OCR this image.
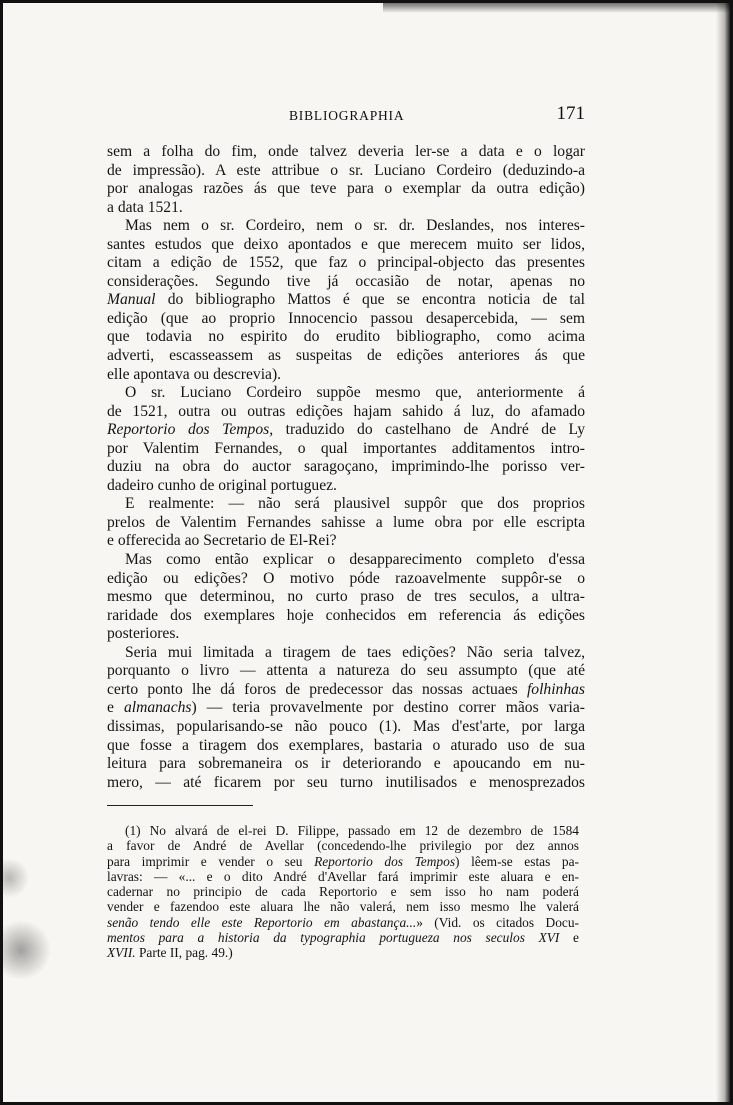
BIBLIOGRAPHIA	171
sem a folha do fim, onde talvez deveria ler-se a data e o logar
de impressão). A este attribue o sr. Luciano Cordeiro (deduzindo-a
por analogas razões ás que teve para o exemplar da outra edição)
a data 1521.
Mas nem o sr. Cordeiro, nem o sr. dr. Deslandes, nos interes-
santes estudos que deixo apontados e que merecem muito ser lidos,
citam a edição de 1552, que faz o principal-objecto das presentes
considerações. Segundo tive já occasião de notar, apenas no
Manual do bibliographo Mattos é que se encontra noticia de tal
edição (que ao proprio Innocencio passou desapercebida, — sem
que todavia no espirito do erudito bibliographo, como acima
adverti, escasseassem as suspeitas de edições anteriores ás que
elle apontava ou descrevia).
O sr. Luciano Cordeiro suppõe mesmo que, anteriormente á
de 1521, outra ou outras edições hajam sahido á luz, do afamado
Reportorio dos Tempos, traduzido do castelhano de André de Ly
por Valentim Fernandes, o qual importantes additamentos intro-
duziu na obra do auctor saragoçano, imprimindo-lhe porisso ver-
dadeiro cunho de original portuguez.
E realmente: — não será plausivel suppôr que dos proprios
prelos de Valentim Fernandes sahisse a lume obra por elle escripta
e offerecida ao Secretario de El-Rei?
Mas como então explicar o desapparecimento completo d'essa
edição ou edições? O motivo póde razoavelmente suppôr-se o
mesmo que determinou, no curto praso de tres seculos, a ultra-
raridade dos exemplares hoje conhecidos em referencia ás edições
posteriores.
Seria mui limitada a tiragem de taes edições? Não seria talvez,
porquanto o livro — attenta a natureza do seu assumpto (que até
certo ponto lhe dá foros de predecessor das nossas actuaes folhinhas
e almanachs) — teria provavelmente por destino correr mãos varia-
dissimas, popularisando-se não pouco (1). Mas d'est'arte, por larga
que fosse a tiragem dos exemplares, bastaria o aturado uso de sua
leitura para sobremaneira os ir deteriorando e apoucando em nu-
mero, — até ficarem por seu turno inutilisados e menosprezados
(1) No alvará de el-rei D. Filippe, passado em 12 de dezembro de 1584
a favor de André de Avellar (concedendo-lhe privilegio por dez annos
para imprimir e vender o seu Reportorio dos Tempos) lêem-se estas pa-
lavras: — «... e o dito André d'Avellar fará imprimir este aluara e en-
cadernar no principio de cada Reportorio e sem isso ho nam poderá
vender e fazendoo este aluara lhe não valerá, nem isso mesmo lhe valerá
senão tendo elle este Reportorio em abastança...» (Vid. os citados Docu-
mentos para a historia da typographia portugueza nos seculos XVI e
XVII. Parte II, pag. 49.)
